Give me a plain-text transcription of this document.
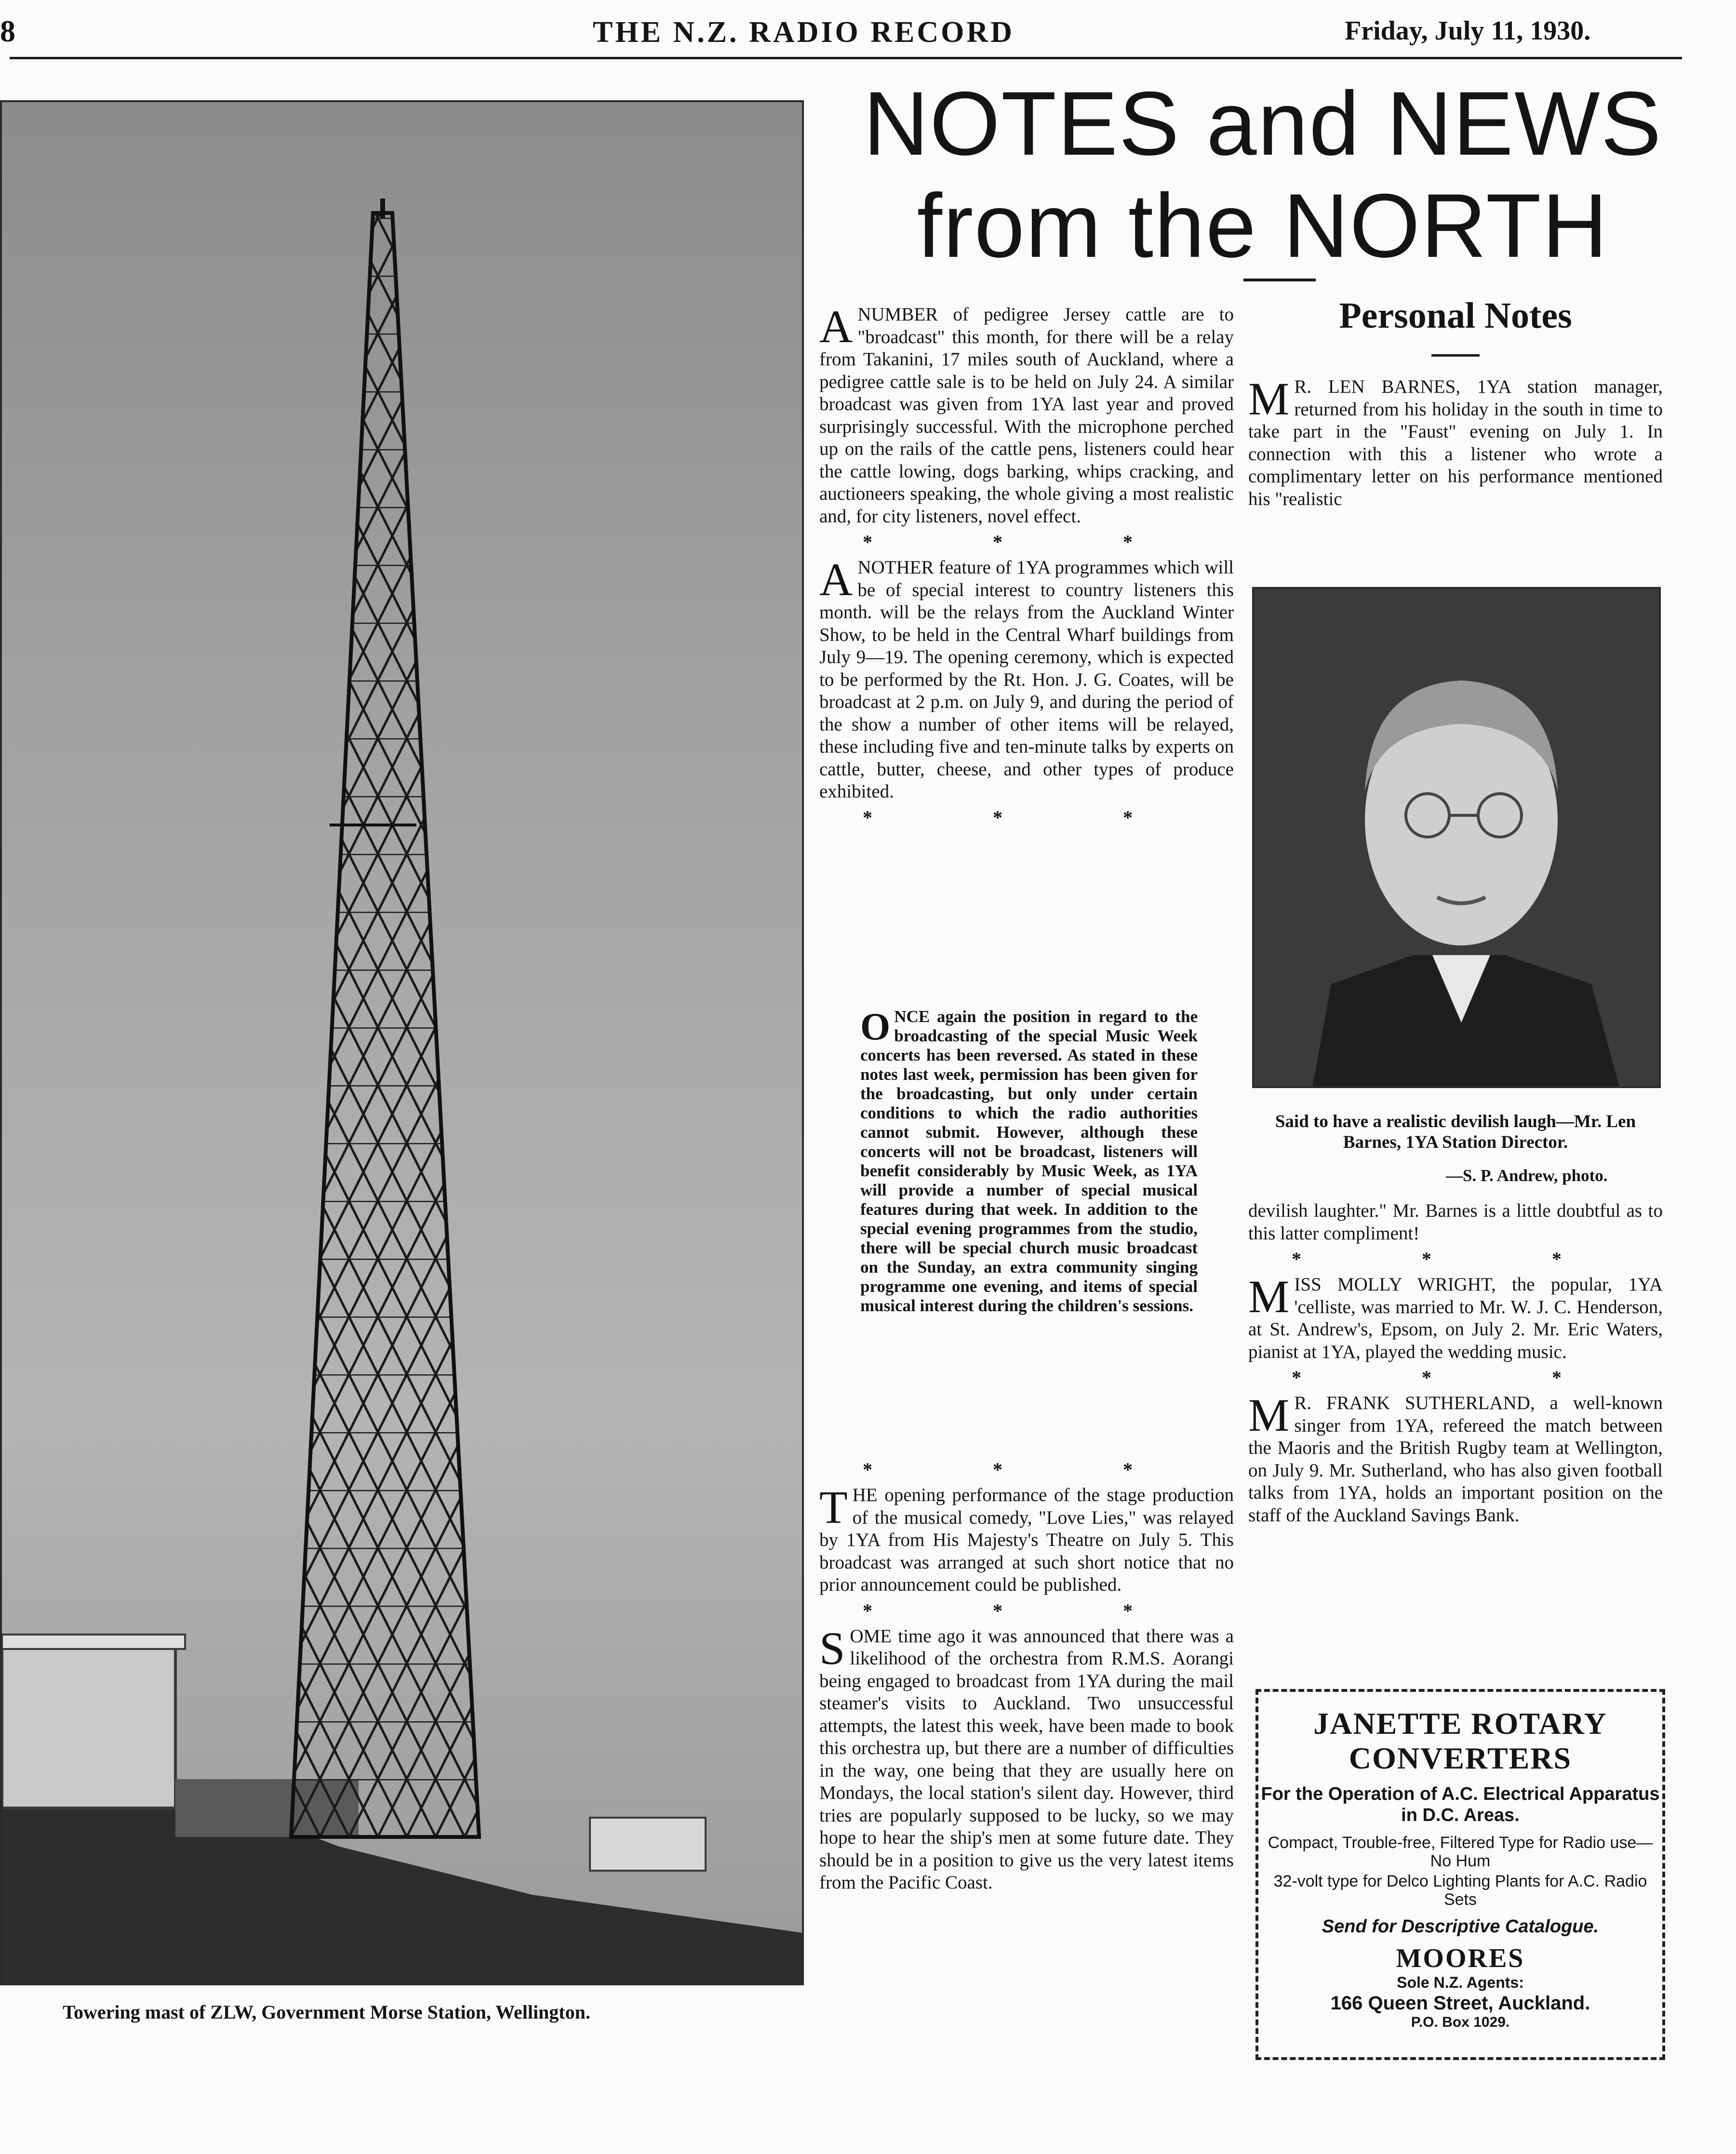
8	THE N.Z. RADIO RECORD	Friday, July 11, 1930.
Towering mast of ZLW, Government Morse Station, Wellington.
NOTES and NEWS
from the NORTH

A NUMBER of pedigree Jersey cattle are to "broadcast" this month, for there will be a relay from Takanini, 17 miles south of Auckland, where a pedigree cattle sale is to be held on July 24. A similar broadcast was given from 1YA last year and proved surprisingly successful. With the microphone perched up on the rails of the cattle pens, listeners could hear the cattle lowing, dogs barking, whips cracking, and auctioneers speaking, the whole giving a most realistic and, for city listeners, novel effect.

* * *

ANOTHER feature of 1YA programmes which will be of special interest to country listeners this month. will be the relays from the Auckland Winter Show, to be held in the Central Wharf buildings from July 9—19. The opening ceremony, which is expected to be performed by the Rt. Hon. J. G. Coates, will be broadcast at 2 p.m. on July 9, and during the period of the show a number of other items will be relayed, these including five and ten-minute talks by experts on cattle, butter, cheese, and other types of produce exhibited.

* * *
ONCE again the position in regard to the broadcasting of the special Music Week concerts has been reversed. As stated in these notes last week, permission has been given for the broadcasting, but only under certain conditions to which the radio authorities cannot submit. However, although these concerts will not be broadcast, listeners will benefit considerably by Music Week, as 1YA will provide a number of special musical features during that week. In addition to the special evening programmes from the studio, there will be special church music broadcast on the Sunday, an extra community singing programme one evening, and items of special musical interest during the children's sessions.
* * *

THE opening performance of the stage production of the musical comedy, "Love Lies," was relayed by 1YA from His Majesty's Theatre on July 5. This broadcast was arranged at such short notice that no prior announcement could be published.

* * *

SOME time ago it was announced that there was a likelihood of the orchestra from R.M.S. Aorangi being engaged to broadcast from 1YA during the mail steamer's visits to Auckland. Two unsuccessful attempts, the latest this week, have been made to book this orchestra up, but there are a number of difficulties in the way, one being that they are usually here on Mondays, the local station's silent day. However, third tries are popularly supposed to be lucky, so we may hope to hear the ship's men at some future date. They should be in a position to give us the very latest items from the Pacific Coast.

Personal Notes

M R. LEN BARNES, 1YA station manager, returned from his holiday in the south in time to take part in the "Faust" evening on July 1. In connection with this a listener who wrote a complimentary letter on his performance mentioned his "realistic

Said to have a realistic devilish laugh—Mr. Len Barnes, 1YA Station Director.
—S. P. Andrew, photo.

devilish laughter." Mr. Barnes is a little doubtful as to this latter compliment!

* * *

MISS MOLLY WRIGHT, the popular, 1YA 'celliste, was married to Mr. W. J. C. Henderson, at St. Andrew's, Epsom, on July 2. Mr. Eric Waters, pianist at 1YA, played the wedding music.

* * *

M R. FRANK SUTHERLAND, a well-known singer from 1YA, refereed the match between the Maoris and the British Rugby team at Wellington, on July 9. Mr. Sutherland, who has also given football talks from 1YA, holds an important position on the staff of the Auckland Savings Bank.

JANETTE ROTARY CONVERTERS
For the Operation of A.C. Electrical Apparatus in D.C. Areas.
Compact, Trouble-free, Filtered Type for Radio use—No Hum
32-volt type for Delco Lighting Plants for A.C. Radio Sets
Send for Descriptive Catalogue.
MOORES
Sole N.Z. Agents:
166 Queen Street, Auckland.
P.O. Box 1029.
